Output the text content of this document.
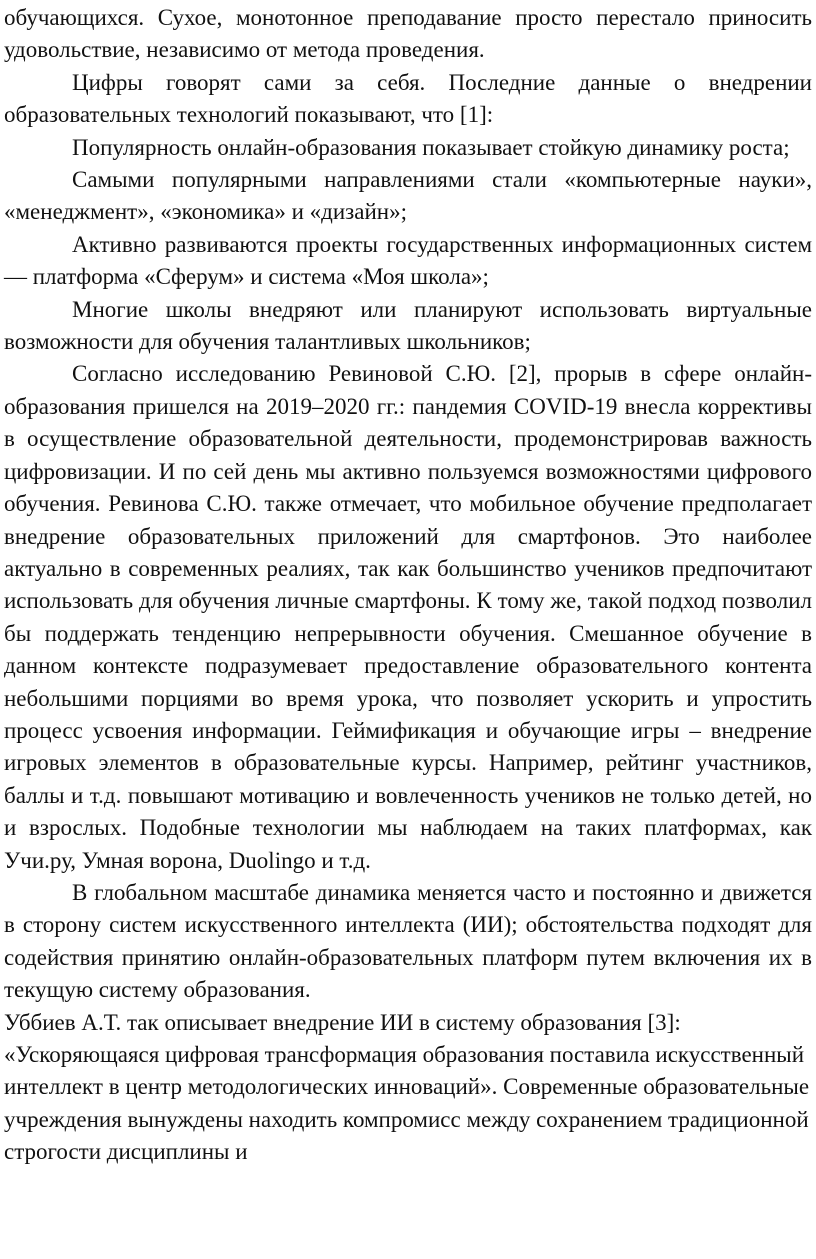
обучающихся. Сухое, монотонное преподавание просто перестало приносить удовольствие, независимо от метода проведения.

Цифры говорят сами за себя. Последние данные о внедрении образовательных технологий показывают, что [1]:

Популярность онлайн-образования показывает стойкую динамику роста;

Самыми популярными направлениями стали «компьютерные науки», «менеджмент», «экономика» и «дизайн»;

Активно развиваются проекты государственных информационных систем — платформа «Сферум» и система «Моя школа»;

Многие школы внедряют или планируют использовать виртуальные возможности для обучения талантливых школьников;

Согласно исследованию Ревиновой С.Ю. [2], прорыв в сфере онлайн-образования пришелся на 2019–2020 гг.: пандемия COVID-19 внесла коррективы в осуществление образовательной деятельности, продемонстрировав важность цифровизации. И по сей день мы активно пользуемся возможностями цифрового обучения. Ревинова С.Ю. также отмечает, что мобильное обучение предполагает внедрение образовательных приложений для смартфонов. Это наиболее актуально в современных реалиях, так как большинство учеников предпочитают использовать для обучения личные смартфоны. К тому же, такой подход позволил бы поддержать тенденцию непрерывности обучения. Смешанное обучение в данном контексте подразумевает предоставление образовательного контента небольшими порциями во время урока, что позволяет ускорить и упростить процесс усвоения информации. Геймификация и обучающие игры – внедрение игровых элементов в образовательные курсы. Например, рейтинг участников, баллы и т.д. повышают мотивацию и вовлеченность учеников не только детей, но и взрослых. Подобные технологии мы наблюдаем на таких платформах, как Учи.ру, Умная ворона, Duolingo и т.д.

В глобальном масштабе динамика меняется часто и постоянно и движется в сторону систем искусственного интеллекта (ИИ); обстоятельства подходят для содействия принятию онлайн-образовательных платформ путем включения их в текущую систему образования.

Уббиев А.Т. так описывает внедрение ИИ в систему образования [3]: «Ускоряющаяся цифровая трансформация образования поставила искусственный интеллект в центр методологических инноваций». Современные образовательные учреждения вынуждены находить компромисс между сохранением традиционной строгости дисциплины и
